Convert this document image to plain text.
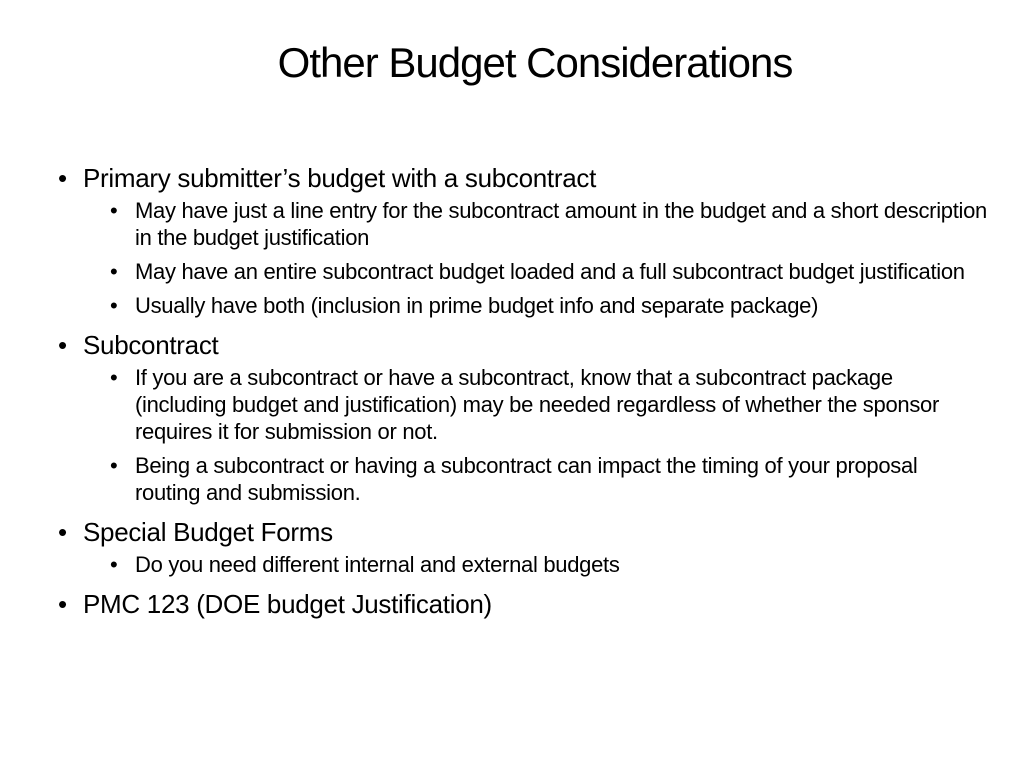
Other Budget Considerations
• Primary submitter’s budget with a subcontract
• May have just a line entry for the subcontract amount in the budget and a short description in the budget justification
• May have an entire subcontract budget loaded and a full subcontract budget justification
• Usually have both (inclusion in prime budget info and separate package)
• Subcontract
• If you are a subcontract or have a subcontract, know that a subcontract package (including budget and justification) may be needed regardless of whether the sponsor requires it for submission or not.
• Being a subcontract or having a subcontract can impact the timing of your proposal routing and submission.
• Special Budget Forms
• Do you need different internal and external budgets
• PMC 123 (DOE budget Justification)
